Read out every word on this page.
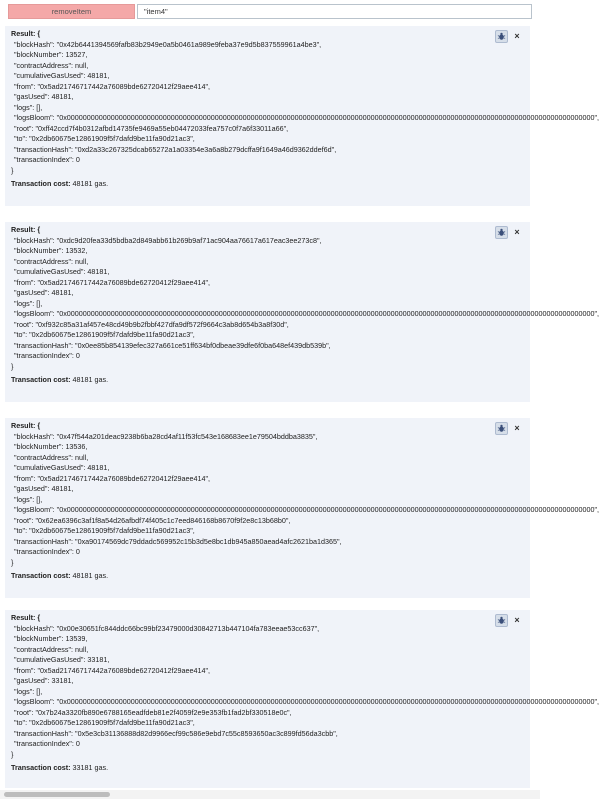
removeItem	"item4"
Result: {
"blockHash": "0x42b6441394569fafb83b2949e0a5b0461a989e9feba37e9d5b837559961a4be3",
"blockNumber": 13527,
"contractAddress": null,
"cumulativeGasUsed": 48181,
"from": "0x5ad21746717442a76089bde62720412f29aee414",
"gasUsed": 48181,
"logs": [],
"logsBloom": "0x000000000000000000000000000000000000000000000000000000000000000000000000000000000000000000000000000000000000000000000000000000000000",
"root": "0xff42ccd7f4b0312afbd14735fe9469a55eb04472033fea757c0f7a6f33011a66",
"to": "0x2db60675e12861909f5f7dafd9be11fa90d21ac3",
"transactionHash": "0xd2a33c267325dcab65272a1a03354e3a6a8b279dcffa9f1649a46d9362ddef6d",
"transactionIndex": 0
}
Transaction cost: 48181 gas.
×
Result: {
"blockHash": "0xdc9d20fea33d5bdba2d849abb61b269b9af71ac904aa76617a617eac3ee273c8",
"blockNumber": 13532,
"contractAddress": null,
"cumulativeGasUsed": 48181,
"from": "0x5ad21746717442a76089bde62720412f29aee414",
"gasUsed": 48181,
"logs": [],
"logsBloom": "0x000000000000000000000000000000000000000000000000000000000000000000000000000000000000000000000000000000000000000000000000000000000000",
"root": "0xf932c85a31af457e48cd49b9b2fbbf427dfa9df572f9664c3ab8d654b3a8f30d",
"to": "0x2db60675e12861909f5f7dafd9be11fa90d21ac3",
"transactionHash": "0x0ee85b854139efec327a661ce51ff634bf0dbeae39dfe6f0ba648ef439db539b",
"transactionIndex": 0
}
Transaction cost: 48181 gas.
×
Result: {
"blockHash": "0x47f544a201deac9238b6ba28cd4af11f53fc543e168683ee1e79504bddba3835",
"blockNumber": 13536,
"contractAddress": null,
"cumulativeGasUsed": 48181,
"from": "0x5ad21746717442a76089bde62720412f29aee414",
"gasUsed": 48181,
"logs": [],
"logsBloom": "0x000000000000000000000000000000000000000000000000000000000000000000000000000000000000000000000000000000000000000000000000000000000000",
"root": "0x62ea6396c3af1f8a54d26afbdf74f405c1c7eed846168b8670f9f2e8c13b68b0",
"to": "0x2db60675e12861909f5f7dafd9be11fa90d21ac3",
"transactionHash": "0xa90174569dc79ddadc569952c15b3d5e8bc1db945a850aead4afc2621ba1d365",
"transactionIndex": 0
}
Transaction cost: 48181 gas.
×
Result: {
"blockHash": "0x00e30651fc844ddc66bc99bf23479000d30842713b447104fa783eeae53cc637",
"blockNumber": 13539,
"contractAddress": null,
"cumulativeGasUsed": 33181,
"from": "0x5ad21746717442a76089bde62720412f29aee414",
"gasUsed": 33181,
"logs": [],
"logsBloom": "0x000000000000000000000000000000000000000000000000000000000000000000000000000000000000000000000000000000000000000000000000000000000000",
"root": "0x7b24a3320fb890e6788165eadfdeb81e2f4059f2e9e353fb1fad2bf330518e0c",
"to": "0x2db60675e12861909f5f7dafd9be11fa90d21ac3",
"transactionHash": "0x5e3cb31136888d82d9966ecf99c586e9ebd7c55c8593650ac3c899fd56da3cbb",
"transactionIndex": 0
}
Transaction cost: 33181 gas.
×
